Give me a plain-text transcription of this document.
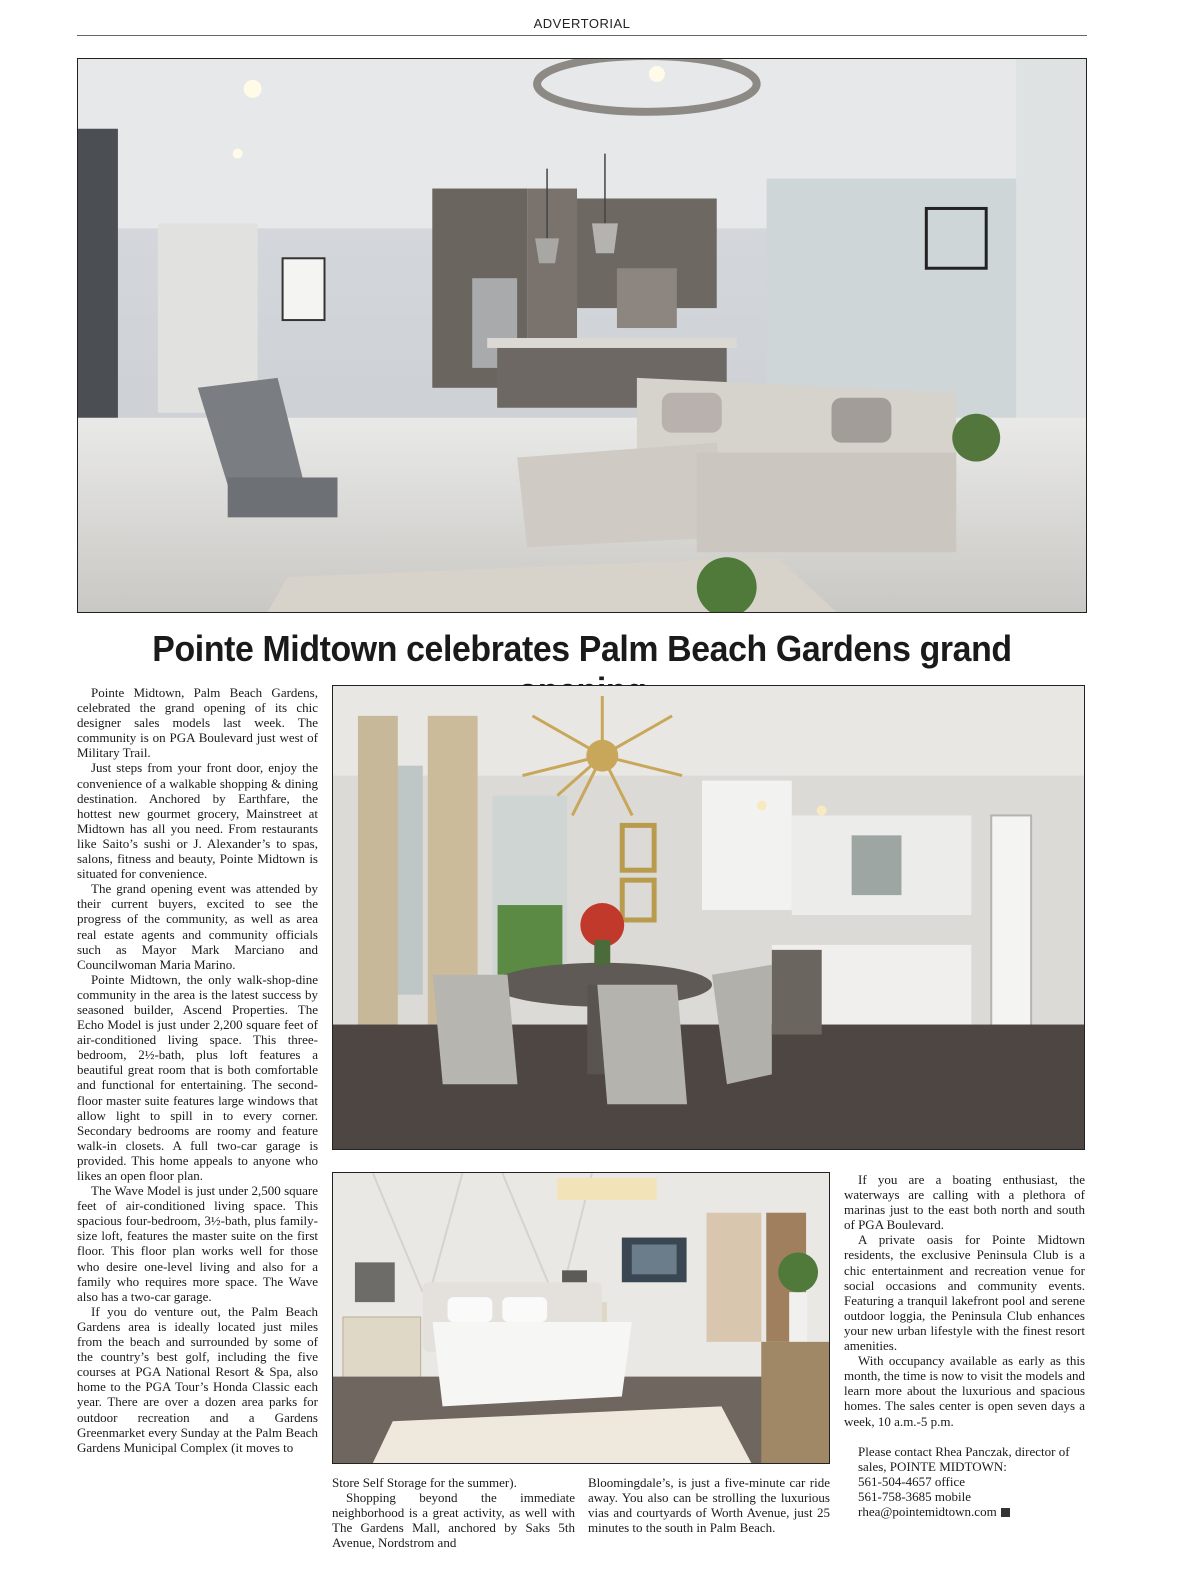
ADVERTORIAL
Pointe Midtown celebrates Palm Beach Gardens grand

Pointe Midtown, Palm Beach Gardens, celebrated the grand opening of its chic designer sales models last week. The community is on PGA Boulevard just west of Military Trail.

Just steps from your front door, enjoy the convenience of a walkable shopping & dining destination. Anchored by Earthfare, the hottest new gourmet grocery, Mainstreet at Midtown has all you need. From restaurants like Saito’s sushi or J. Alexander’s to spas, salons, fitness and beauty, Pointe Midtown is situated for convenience.

The grand opening event was attended by their current buyers, excited to see the progress of the community, as well as area real estate agents and community officials such as Mayor Mark Marciano and Councilwoman Maria Marino.

Pointe Midtown, the only walk-shop-dine community in the area is the latest success by seasoned builder, Ascend Properties. The Echo Model is just under 2,200 square feet of air-conditioned living space. This three-bedroom, 2½-bath, plus loft features a beautiful great room that is both comfortable and functional for entertaining. The second-floor master suite features large windows that allow light to spill in to every corner. Secondary bedrooms are roomy and feature walk-in closets. A full two-car garage is provided. This home appeals to anyone who likes an open floor plan.

The Wave Model is just under 2,500 square feet of air-conditioned living space. This spacious four-bedroom, 3½-bath, plus family-size loft, features the master suite on the first floor. This floor plan works well for those who desire one-level living and also for a family who requires more space. The Wave also has a two-car garage.

If you do venture out, the Palm Beach Gardens area is ideally located just miles from the beach and surrounded by some of the country’s best golf, including the five courses at PGA National Resort & Spa, also home to the PGA Tour’s Honda Classic each year. There are over a dozen area parks for outdoor recreation and a Gardens Greenmarket every Sunday at the Palm Beach Gardens Municipal Complex (it moves to

Store Self Storage for the summer).

Shopping beyond the immediate neighborhood is a great activity, as well with The Gardens Mall, anchored by Saks 5th Avenue, Nordstrom and

Bloomingdale’s, is just a five-minute car ride away. You also can be strolling the luxurious vias and courtyards of Worth Avenue, just 25 minutes to the south in Palm Beach.

If you are a boating enthusiast, the waterways are calling with a plethora of marinas just to the east both north and south of PGA Boulevard.

A private oasis for Pointe Midtown residents, the exclusive Peninsula Club is a chic entertainment and recreation venue for social occasions and community events. Featuring a tranquil lakefront pool and serene outdoor loggia, the Peninsula Club enhances your new urban lifestyle with the finest resort amenities.

With occupancy available as early as this month, the time is now to visit the models and learn more about the luxurious and spacious homes. The sales center is open seven days a week, 10 a.m.-5 p.m.

Please contact Rhea Panczak, director of sales, POINTE MIDTOWN:
561-504-4657 office
561-758-3685 mobile
rhea@pointemidtown.com
